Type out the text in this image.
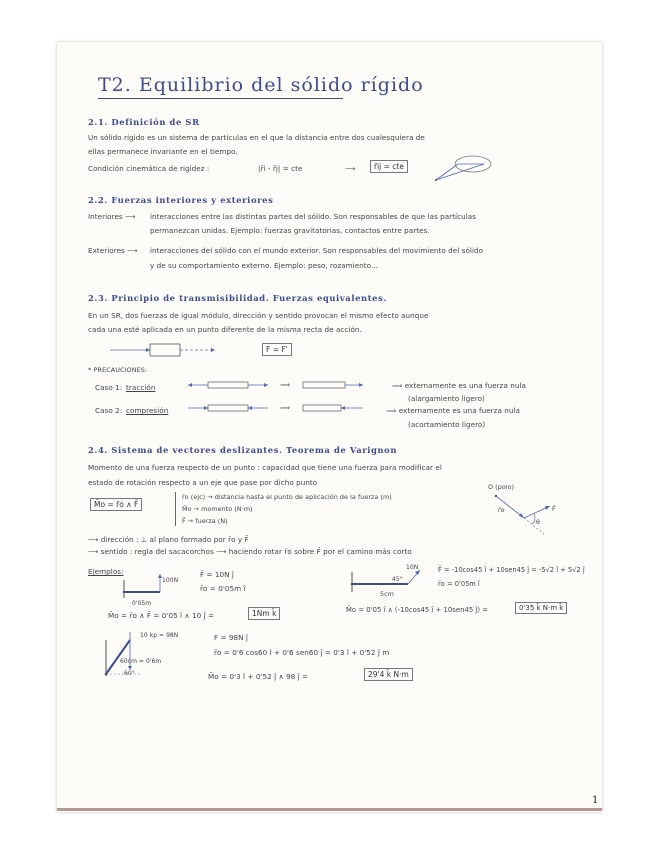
T2. Equilibrio del sólido rígido
2.1. Definición de SR
Un sólido rígido es un sistema de partículas en el que la distancia entre dos cualesquiera de
ellas permanece invariante en el tiempo.
Condición cinemática de rigidez :	|r̄i - r̄j| = cte	⟶	r̄ij = cte
2.2. Fuerzas interiores y exteriores
Interiores ⟶ interacciones entre las distintas partes del sólido. Son responsables de que las partículas
permanezcan unidas. Ejemplo: fuerzas gravitatorias, contactos entre partes.
Exteriores ⟶ interacciones del sólido con el mundo exterior. Son responsables del movimiento del sólido
y de su comportamiento externo. Ejemplo: peso, rozamiento...
2.3. Principio de transmisibilidad. Fuerzas equivalentes.
En un SR, dos fuerzas de igual módulo, dirección y sentido provocan el mismo efecto aunque
cada una esté aplicada en un punto diferente de la misma recta de acción.
F = F'
* PRECAUCIONES:
Caso 1: tracción	⟹	⟹ externamente es una fuerza nula
(alargamiento ligero)
Caso 2: compresión	⟹	⟹ externamente es una fuerza nula
(acortamiento ligero)
2.4. Sistema de vectores deslizantes. Teorema de Varignon
Momento de una fuerza respecto de un punto : capacidad que tiene una fuerza para modificar el
estado de rotación respecto a un eje que pase por dicho punto
M̄o = r̄o ∧ F̄
r̄o (ejc) → distancia hasta el punto de aplicación de la fuerza (m)
M̄o → momento (N·m)
F̄ → fuerza (N)
O (polo)
r̄o	F̄
θ
⟶ dirección : ⊥ al plano formado por r̄o y F̄
⟶ sentido : regla del sacacorchos ⟶ haciendo rotar r̄o sobre F̄ por el camino más corto
Ejemplos:
100N
0'05m
F̄ = 10N ĵ
r̄o = 0'05m î
M̄o = r̄o ∧ F̄ = 0'05 î ∧ 10 ĵ =	1Nm k̄
10N
45°
5cm
F̄ = -10cos45 î + 10sen45 ĵ = -5√2 î + 5√2 ĵ
r̄o = 0'05m î
M̄o = 0'05 î ∧ (-10cos45 î + 10sen45 ĵ) =	0'35 k̄ N·m k̄
10 kp = 98N
60cm = 0'6m
60°
F = 98N ĵ
r̄o = 0'6 cos60 î + 0'6 sen60 ĵ = 0'3 î + 0'52 ĵ m
M̄o = 0'3 î + 0'52 ĵ ∧ 98 ĵ =	29'4 k̄ N·m
1
